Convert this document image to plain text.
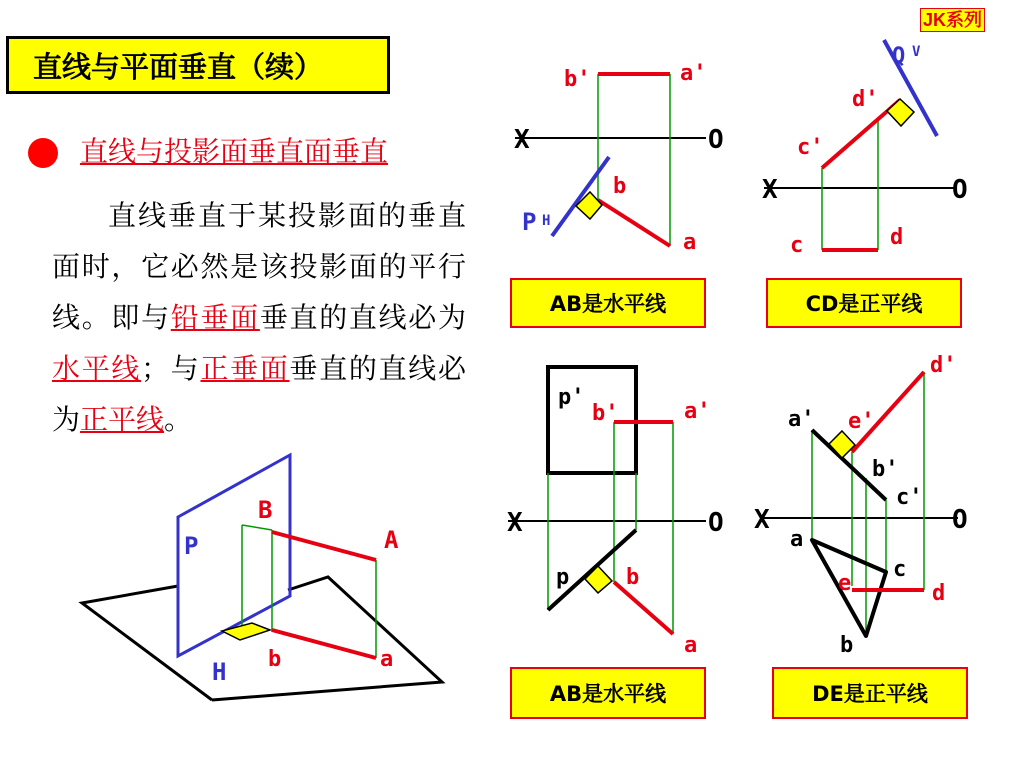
JK系列
直线与平面垂直（续）
直线与投影面垂直面垂直
直线垂直于某投影面的垂直面时，它必然是该投影面的平行线。即与铅垂面垂直的直线必为水平线；与正垂面垂直的直线必为正平线。
b'	a'
X	O
b
a
P H
Q V
d'
c'
X	O
c	d
p'
b'	a'
X	O
p	b
a
d'
a' e'
b'
c'
X	O
a
c
e	d
b
P
H
B
A
b	a
AB是水平线	CD是正平线
AB是水平线	DE是正平线
